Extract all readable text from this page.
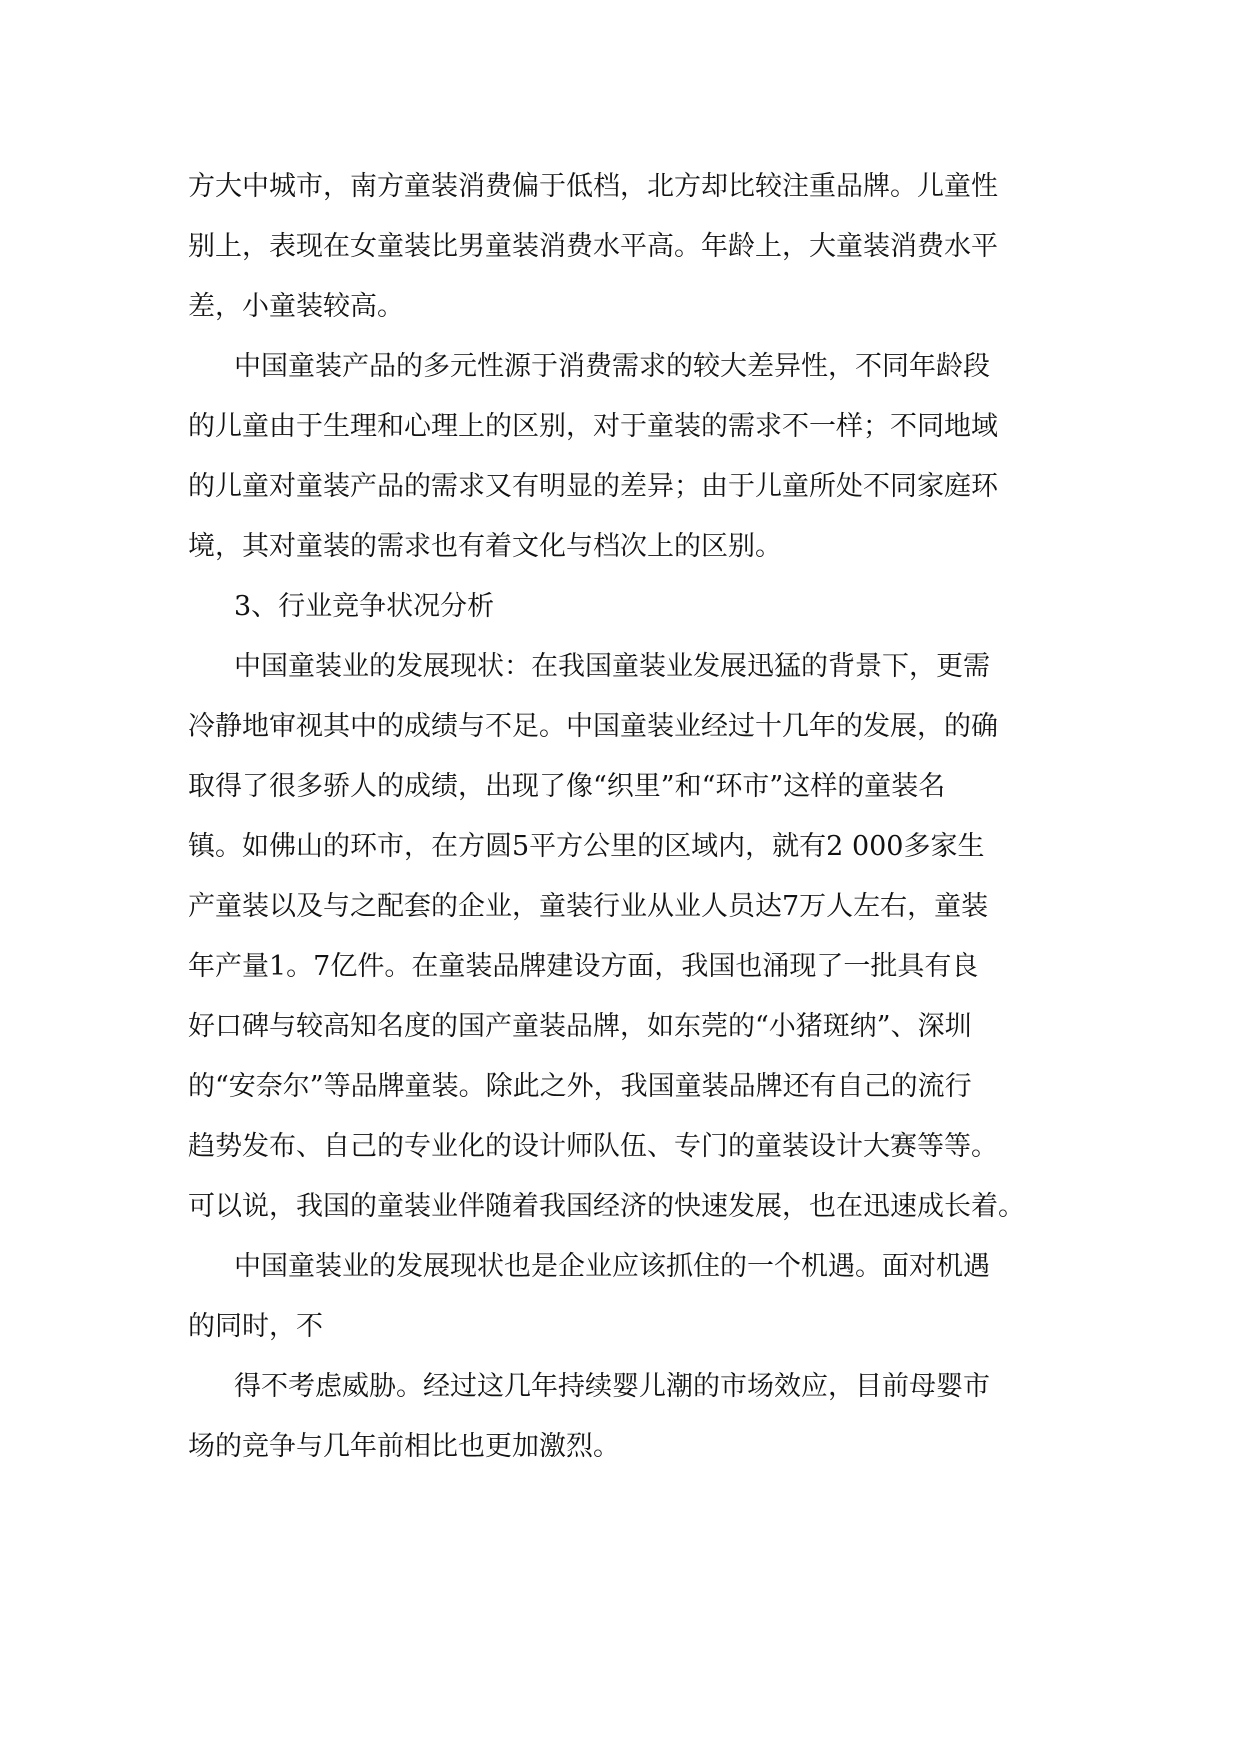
方大中城市，南方童装消费偏于低档，北方却比较注重品牌。儿童性
别上，表现在女童装比男童装消费水平高。年龄上，大童装消费水平
差，小童装较高。
中国童装产品的多元性源于消费需求的较大差异性，不同年龄段
的儿童由于生理和心理上的区别，对于童装的需求不一样；不同地域
的儿童对童装产品的需求又有明显的差异；由于儿童所处不同家庭环
境，其对童装的需求也有着文化与档次上的区别。
3、行业竞争状况分析
中国童装业的发展现状：在我国童装业发展迅猛的背景下，更需
冷静地审视其中的成绩与不足。中国童装业经过十几年的发展，的确
取得了很多骄人的成绩，出现了像“织里”和“环市”这样的童装名
镇。如佛山的环市，在方圆5平方公里的区域内，就有2 000多家生
产童装以及与之配套的企业，童装行业从业人员达7万人左右，童装
年产量1。7亿件。在童装品牌建设方面，我国也涌现了一批具有良
好口碑与较高知名度的国产童装品牌，如东莞的“小猪斑纳”、深圳
的“安奈尔”等品牌童装。除此之外，我国童装品牌还有自己的流行
趋势发布、自己的专业化的设计师队伍、专门的童装设计大赛等等。
可以说，我国的童装业伴随着我国经济的快速发展，也在迅速成长着。
中国童装业的发展现状也是企业应该抓住的一个机遇。面对机遇
的同时，不
得不考虑威胁。经过这几年持续婴儿潮的市场效应，目前母婴市
场的竞争与几年前相比也更加激烈。
